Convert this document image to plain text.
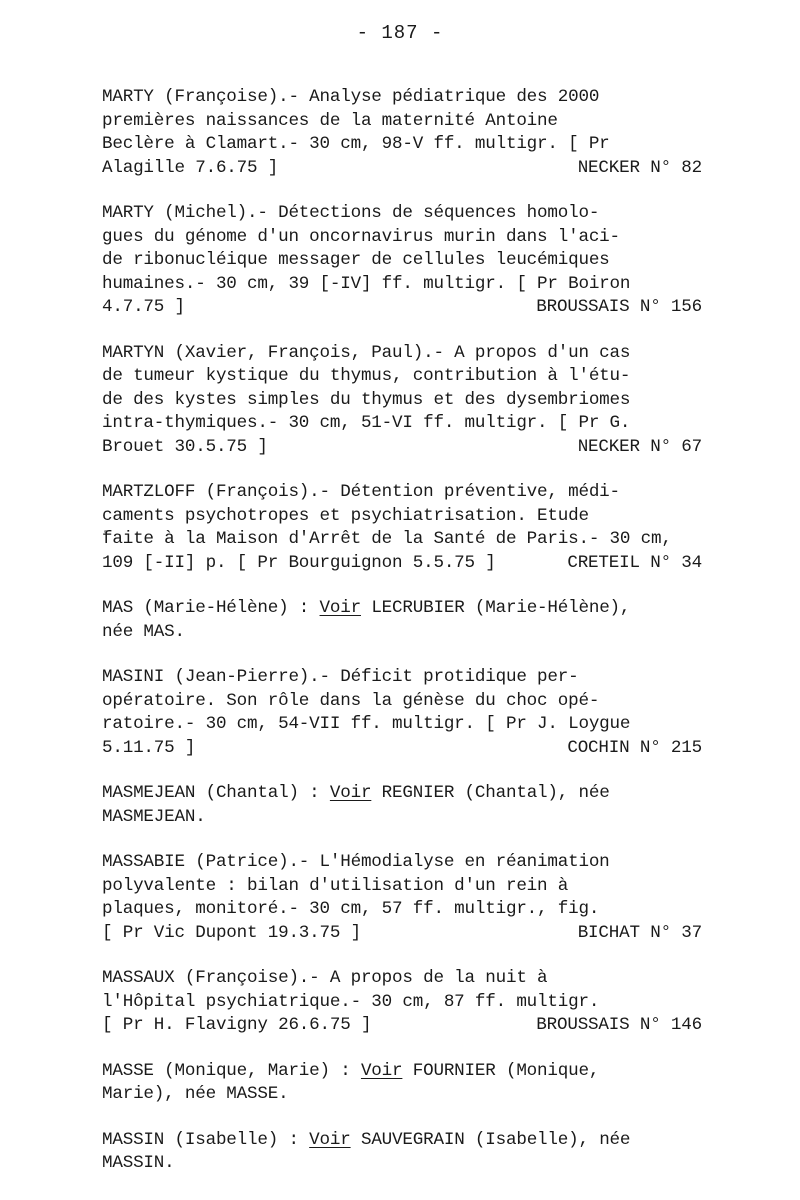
- 187 -
MARTY (Françoise).- Analyse pédiatrique des 2000
premières naissances de la maternité Antoine
Beclère à Clamart.- 30 cm, 98-V ff. multigr. [ Pr
Alagille 7.6.75 ]	NECKER N° 82
MARTY (Michel).- Détections de séquences homolo-
gues du génome d'un oncornavirus murin dans l'aci-
de ribonucléique messager de cellules leucémiques
humaines.- 30 cm, 39 [-IV] ff. multigr. [ Pr Boiron
4.7.75 ]	BROUSSAIS N° 156
MARTYN (Xavier, François, Paul).- A propos d'un cas
de tumeur kystique du thymus, contribution à l'étu-
de des kystes simples du thymus et des dysembriomes
intra-thymiques.- 30 cm, 51-VI ff. multigr. [ Pr G.
Brouet 30.5.75 ]	NECKER N° 67
MARTZLOFF (François).- Détention préventive, médi-
caments psychotropes et psychiatrisation. Etude
faite à la Maison d'Arrêt de la Santé de Paris.- 30 cm,
109 [-II] p. [ Pr Bourguignon 5.5.75 ]	CRETEIL N° 34
MAS (Marie-Hélène) : Voir LECRUBIER (Marie-Hélène),
née MAS.
MASINI (Jean-Pierre).- Déficit protidique per-
opératoire. Son rôle dans la génèse du choc opé-
ratoire.- 30 cm, 54-VII ff. multigr. [ Pr J. Loygue
5.11.75 ]	COCHIN N° 215
MASMEJEAN (Chantal) : Voir REGNIER (Chantal), née
MASMEJEAN.
MASSABIE (Patrice).- L'Hémodialyse en réanimation
polyvalente : bilan d'utilisation d'un rein à
plaques, monitoré.- 30 cm, 57 ff. multigr., fig.
[ Pr Vic Dupont 19.3.75 ]	BICHAT N° 37
MASSAUX (Françoise).- A propos de la nuit à
l'Hôpital psychiatrique.- 30 cm, 87 ff. multigr.
[ Pr H. Flavigny 26.6.75 ]	BROUSSAIS N° 146
MASSE (Monique, Marie) : Voir FOURNIER (Monique,
Marie), née MASSE.
MASSIN (Isabelle) : Voir SAUVEGRAIN (Isabelle), née
MASSIN.
